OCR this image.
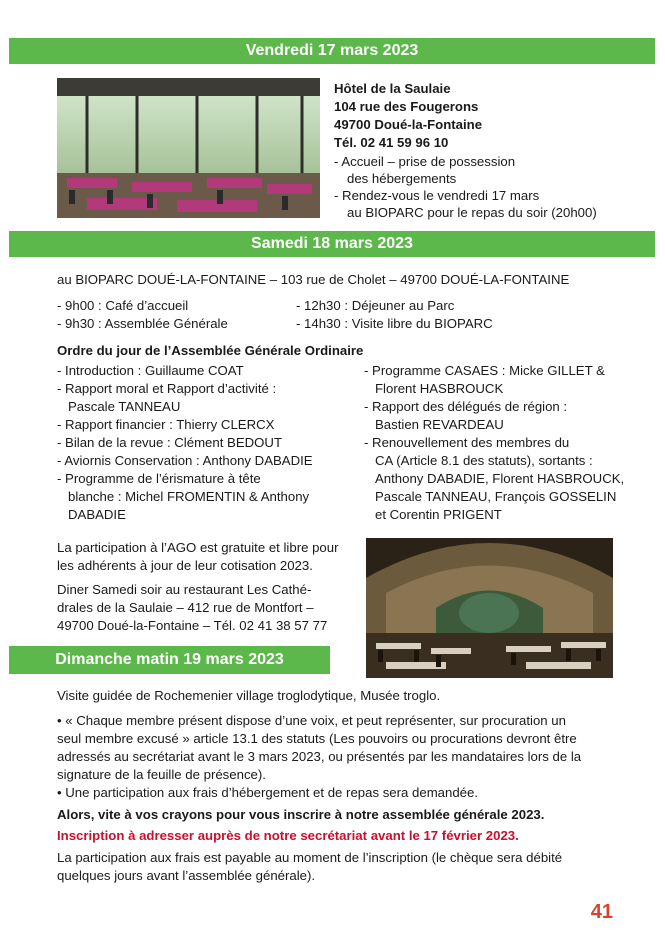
Vendredi 17 mars 2023
Hôtel de la Saulaie
104 rue des Fougerons
49700 Doué-la-Fontaine
Tél. 02 41 59 96 10
- Accueil – prise de possession
des hébergements
- Rendez-vous le vendredi 17 mars
au BIOPARC pour le repas du soir (20h00)
Samedi 18 mars 2023
au BIOPARC DOUÉ-LA-FONTAINE – 103 rue de Cholet – 49700 DOUÉ-LA-FONTAINE
- 9h00 : Café d’accueil
- 9h30 : Assemblée Générale
- 12h30 : Déjeuner au Parc
- 14h30 : Visite libre du BIOPARC
Ordre du jour de l’Assemblée Générale Ordinaire
- Introduction : Guillaume COAT
- Rapport moral et Rapport d’activité :
Pascale TANNEAU
- Rapport financier : Thierry CLERCX
- Bilan de la revue : Clément BEDOUT
- Aviornis Conservation : Anthony DABADIE
- Programme de l’érismature à tête
blanche : Michel FROMENTIN & Anthony
DABADIE
- Programme CASAES : Micke GILLET &
Florent HASBROUCK
- Rapport des délégués de région :
Bastien REVARDEAU
- Renouvellement des membres du
CA (Article 8.1 des statuts), sortants :
Anthony DABADIE, Florent HASBROUCK,
Pascale TANNEAU, François GOSSELIN
et Corentin PRIGENT
La participation à l’AGO est gratuite et libre pour
les adhérents à jour de leur cotisation 2023.
Diner Samedi soir au restaurant Les Cathé-
drales de la Saulaie – 412 rue de Montfort –
49700 Doué-la-Fontaine – Tél. 02 41 38 57 77
Dimanche matin 19 mars 2023
Visite guidée de Rochemenier village troglodytique, Musée troglo.
• « Chaque membre présent dispose d’une voix, et peut représenter, sur procuration un
seul membre excusé » article 13.1 des statuts (Les pouvoirs ou procurations devront être
adressés au secrétariat avant le 3 mars 2023, ou présentés par les mandataires lors de la
signature de la feuille de présence).
• Une participation aux frais d’hébergement et de repas sera demandée.
Alors, vite à vos crayons pour vous inscrire à notre assemblée générale 2023.
Inscription à adresser auprès de notre secrétariat avant le 17 février 2023.
La participation aux frais est payable au moment de l’inscription (le chèque sera débité
quelques jours avant l’assemblée générale).
41
